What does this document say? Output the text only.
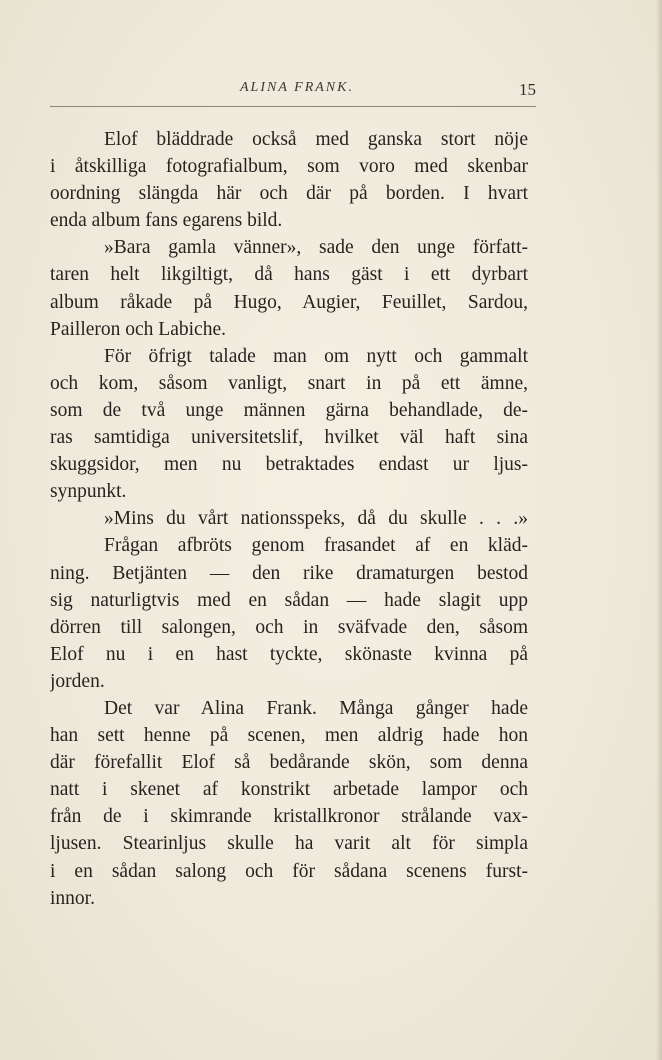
ALINA FRANK.	15
Elof bläddrade också med ganska stort nöje
i åtskilliga fotografialbum, som voro med skenbar
oordning slängda här och där på borden. I hvart
enda album fans egarens bild.
»Bara gamla vänner», sade den unge författ-
taren helt likgiltigt, då hans gäst i ett dyrbart
album råkade på Hugo, Augier, Feuillet, Sardou,
Pailleron och Labiche.
För öfrigt talade man om nytt och gammalt
och kom, såsom vanligt, snart in på ett ämne,
som de två unge männen gärna behandlade, de-
ras samtidiga universitetslif, hvilket väl haft sina
skuggsidor, men nu betraktades endast ur ljus-
synpunkt.
»Mins du vårt nationsspeks, då du skulle . . .»
Frågan afbröts genom frasandet af en kläd-
ning. Betjänten — den rike dramaturgen bestod
sig naturligtvis med en sådan — hade slagit upp
dörren till salongen, och in sväfvade den, såsom
Elof nu i en hast tyckte, skönaste kvinna på
jorden.
Det var Alina Frank. Många gånger hade
han sett henne på scenen, men aldrig hade hon
där förefallit Elof så bedårande skön, som denna
natt i skenet af konstrikt arbetade lampor och
från de i skimrande kristallkronor strålande vax-
ljusen. Stearinljus skulle ha varit alt för simpla
i en sådan salong och för sådana scenens furst-
innor.
